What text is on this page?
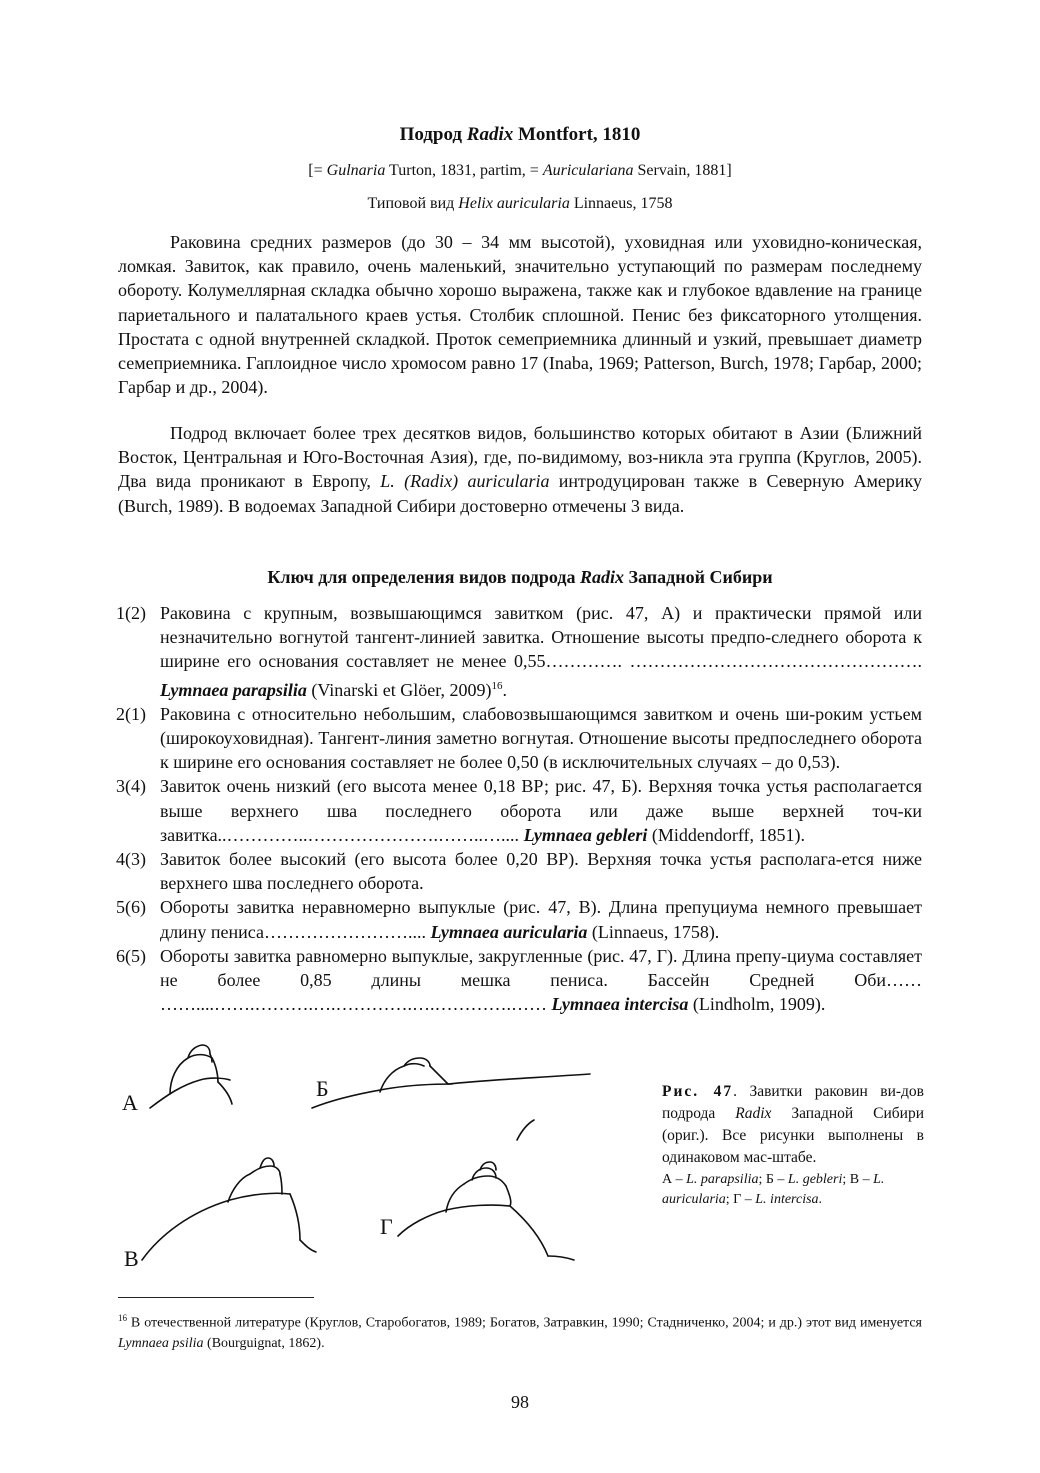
Подрод Radix Montfort, 1810
[= Gulnaria Turton, 1831, partim, = Auriculariana Servain, 1881]
Типовой вид Helix auricularia Linnaeus, 1758

Раковина средних размеров (до 30 – 34 мм высотой), ухoвидная или ухoвидно-коническая, ломкая. Завиток, как правило, очень маленький, значительно уступающий по размерам последнему обороту. Колумеллярная складка обычно хорошо выражена, также как и глубокое вдавление на границе париетального и палатального краев устья. Столбик сплошной. Пенис без фиксаторного утолщения. Простата с одной внутренней складкой. Проток семеприемника длинный и узкий, превышает диаметр семеприемника. Гаплоидное число хромосом равно 17 (Inaba, 1969; Patterson, Burch, 1978; Гарбар, 2000; Гарбар и др., 2004).

Подрод включает более трех десятков видов, большинство которых обитают в Азии (Ближний Восток, Центральная и Юго-Восточная Азия), где, по-видимому, воз-никла эта группа (Круглов, 2005). Два вида проникают в Европу, L. (Radix) auricularia интродуцирован также в Северную Америку (Burch, 1989). В водоемах Западной Сибири достоверно отмечены 3 вида.

Ключ для определения видов подрода Radix Западной Сибири

1(2) Раковина с крупным, возвышающимся завитком (рис. 47, А) и практически прямой или незначительно вогнутой тангент-линией завитка. Отношение высоты предпо-следнего оборота к ширине его основания составляет не менее 0,55…………. …………………………………………. Lymnaea parapsilia (Vinarski et Glöer, 2009)$^{16}$.

2(1) Раковина с относительно небольшим, слабовозвышающимся завитком и очень ши-роким устьем (широкоуховидная). Тангент-линия заметно вогнутая. Отношение высоты предпоследнего оборота к ширине его основания составляет не более 0,50 (в исключительных случаях – до 0,53).

3(4) Завиток очень низкий (его высота менее 0,18 ВР; рис. 47, Б). Верхняя точка устья располагается выше верхнего шва последнего оборота или даже выше верхней точ-ки завитка..…………..………………….……..….... Lymnaea gebleri (Middendorff, 1851).

4(3) Завиток более высокий (его высота более 0,20 ВР). Верхняя точка устья располага-ется ниже верхнего шва последнего оборота.

5(6) Обороты завитка неравномерно выпуклые (рис. 47, В). Длина препуциума немного превышает длину пениса…………………….... Lymnaea auricularia (Linnaeus, 1758).

6(5) Обороты завитка равномерно выпуклые, закругленные (рис. 47, Г). Длина препу-циума составляет не более 0,85 длины мешка пениса. Бассейн Средней Оби…… ……....…….……….….………….….………….…… Lymnaea intercisa (Lindholm, 1909).

А
Б
В
Г
Рис. 47. Завитки раковин ви-дов подрода Radix Западной Сибири (ориг.). Все рисунки выполнены в одинаковом мас-штабе.
А – L. parapsilia; Б – L. gebleri; В – L. auricularia; Г – L. intercisa.
$^{16}$ В отечественной литературе (Круглов, Старобогатов, 1989; Богатов, Затравкин, 1990; Стадниченко, 2004; и др.) этот вид именуется Lymnaea psilia (Bourguignat, 1862).
98
